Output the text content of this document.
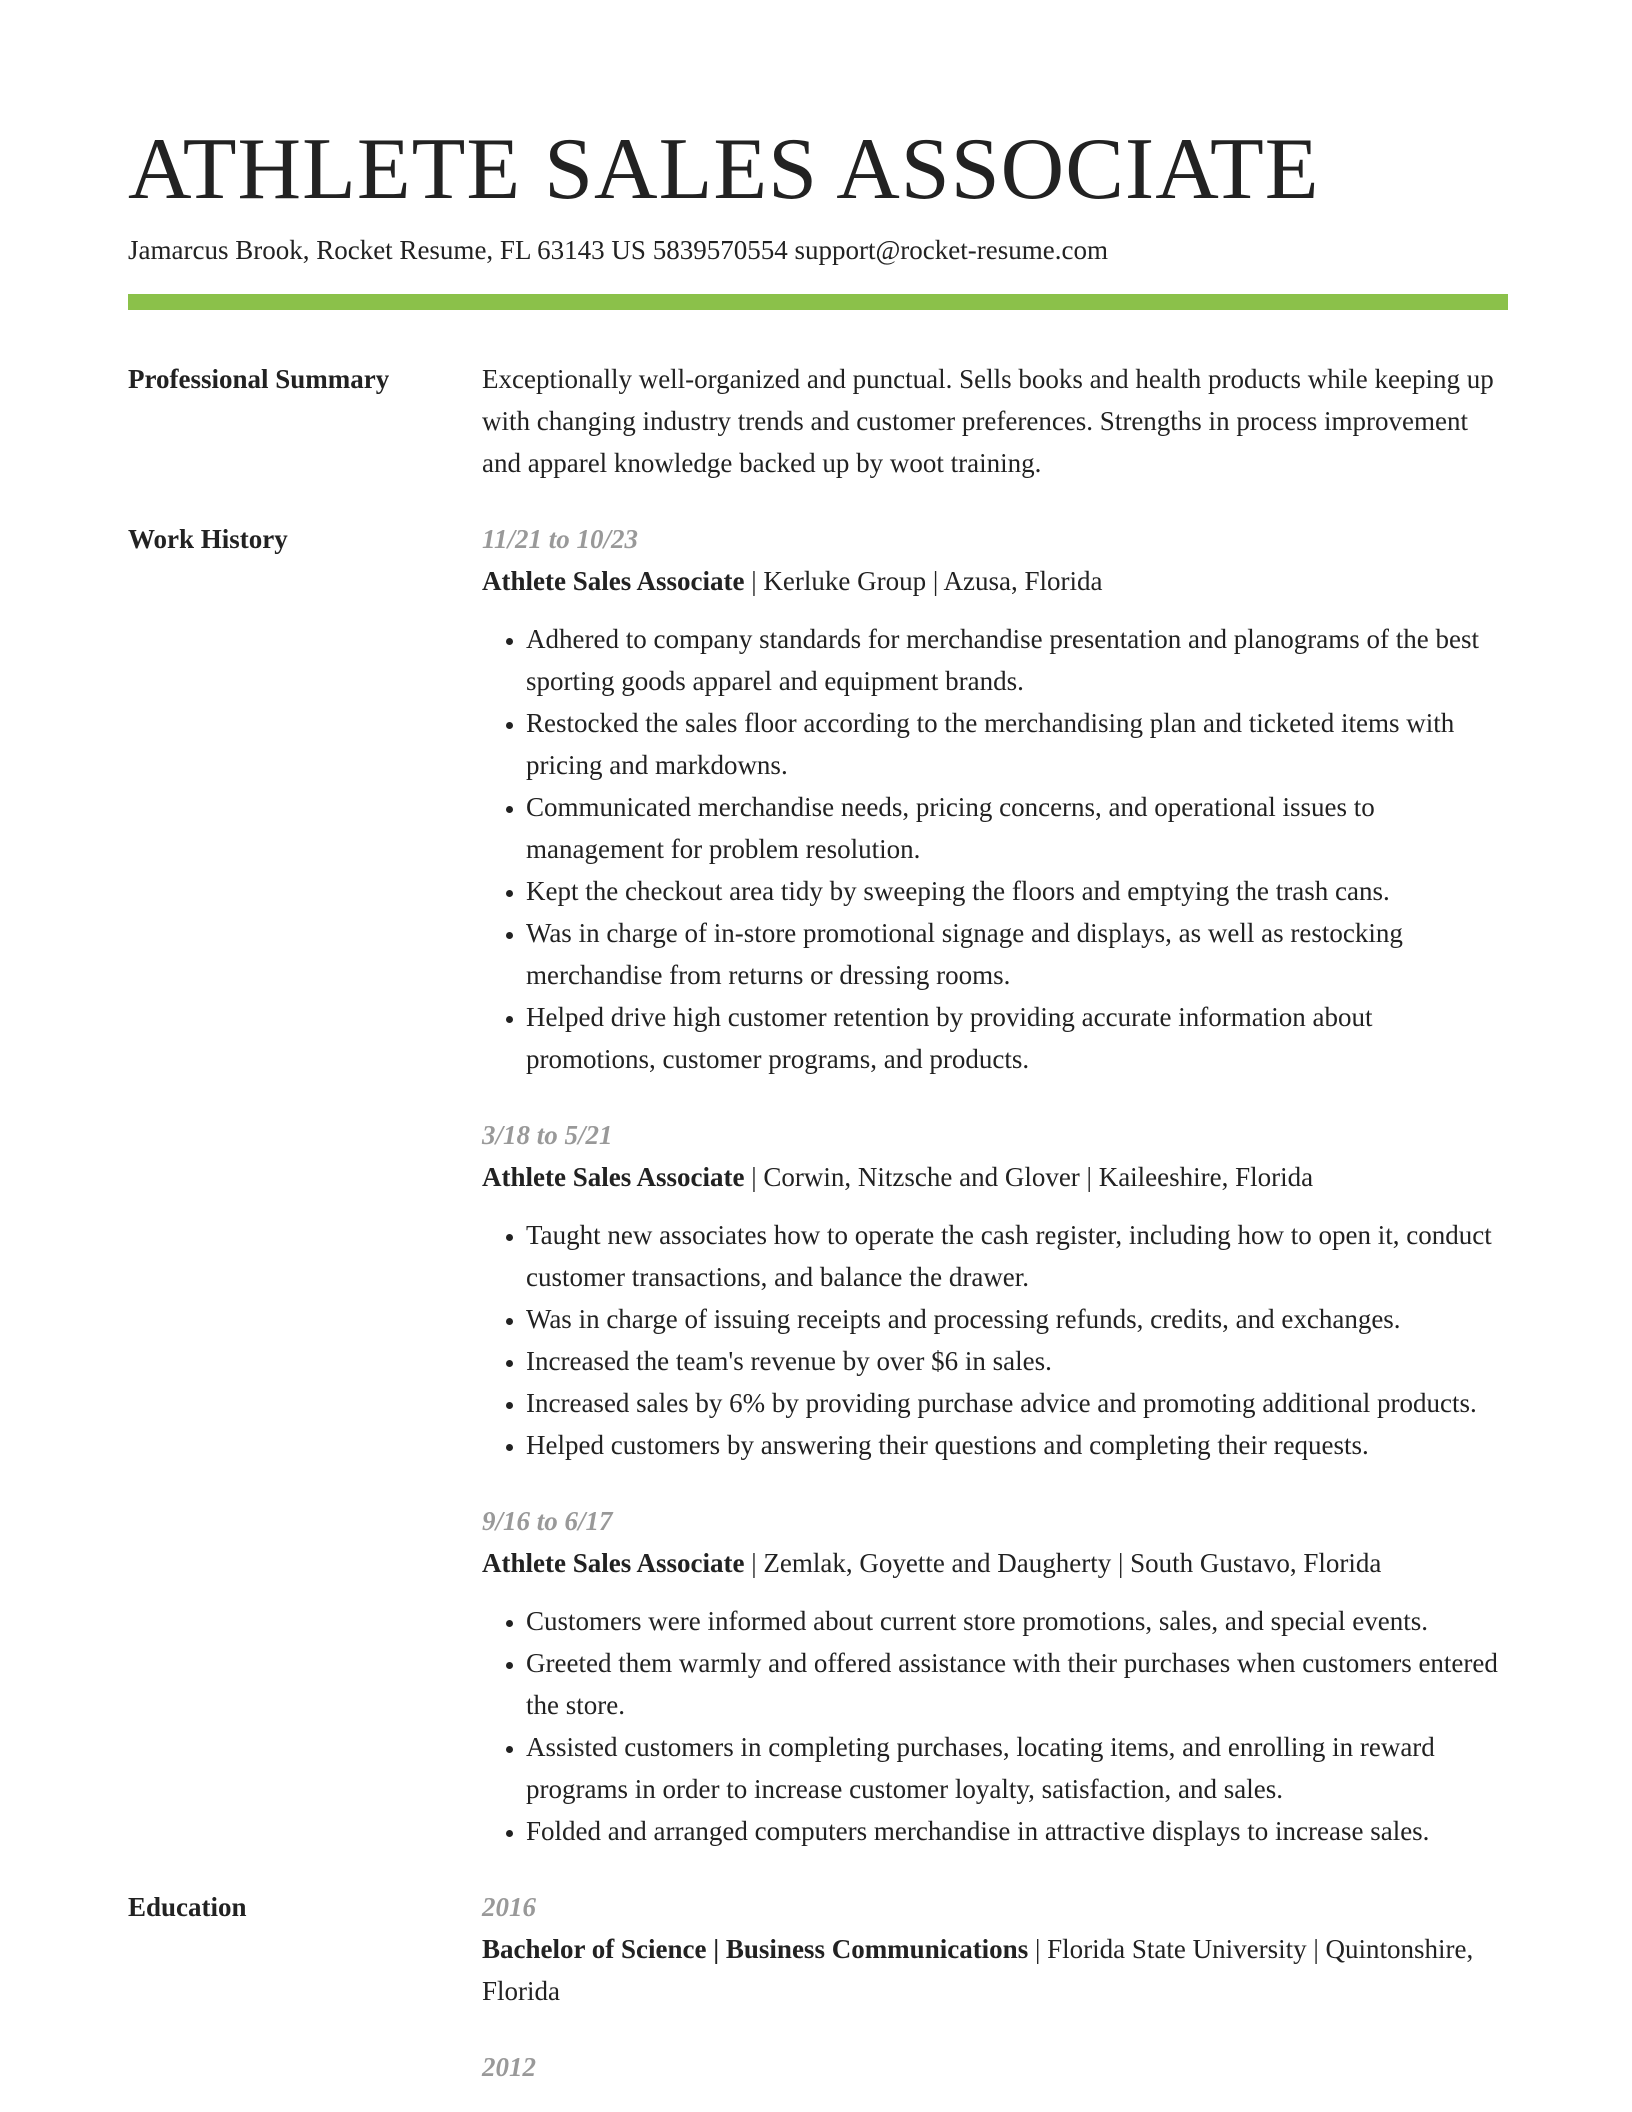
ATHLETE SALES ASSOCIATE
Jamarcus Brook, Rocket Resume, FL 63143 US 5839570554 support@rocket-resume.com
Professional Summary	Exceptionally well-organized and punctual. Sells books and health products while keeping up with changing industry trends and customer preferences. Strengths in process improvement and apparel knowledge backed up by woot training.

Work History	11/21 to 10/23
Athlete Sales Associate | Kerluke Group | Azusa, Florida
• Adhered to company standards for merchandise presentation and planograms of the best sporting goods apparel and equipment brands.
• Restocked the sales floor according to the merchandising plan and ticketed items with pricing and markdowns.
• Communicated merchandise needs, pricing concerns, and operational issues to management for problem resolution.
• Kept the checkout area tidy by sweeping the floors and emptying the trash cans.
• Was in charge of in-store promotional signage and displays, as well as restocking merchandise from returns or dressing rooms.
• Helped drive high customer retention by providing accurate information about promotions, customer programs, and products.
3/18 to 5/21
Athlete Sales Associate | Corwin, Nitzsche and Glover | Kaileeshire, Florida
• Taught new associates how to operate the cash register, including how to open it, conduct customer transactions, and balance the drawer.
• Was in charge of issuing receipts and processing refunds, credits, and exchanges.
• Increased the team's revenue by over $6 in sales.
• Increased sales by 6% by providing purchase advice and promoting additional products.
• Helped customers by answering their questions and completing their requests.
9/16 to 6/17
Athlete Sales Associate | Zemlak, Goyette and Daugherty | South Gustavo, Florida
• Customers were informed about current store promotions, sales, and special events.
• Greeted them warmly and offered assistance with their purchases when customers entered the store.
• Assisted customers in completing purchases, locating items, and enrolling in reward programs in order to increase customer loyalty, satisfaction, and sales.
• Folded and arranged computers merchandise in attractive displays to increase sales.
Education	2016
Bachelor of Science | Business Communications | Florida State University | Quintonshire, Florida
2012
